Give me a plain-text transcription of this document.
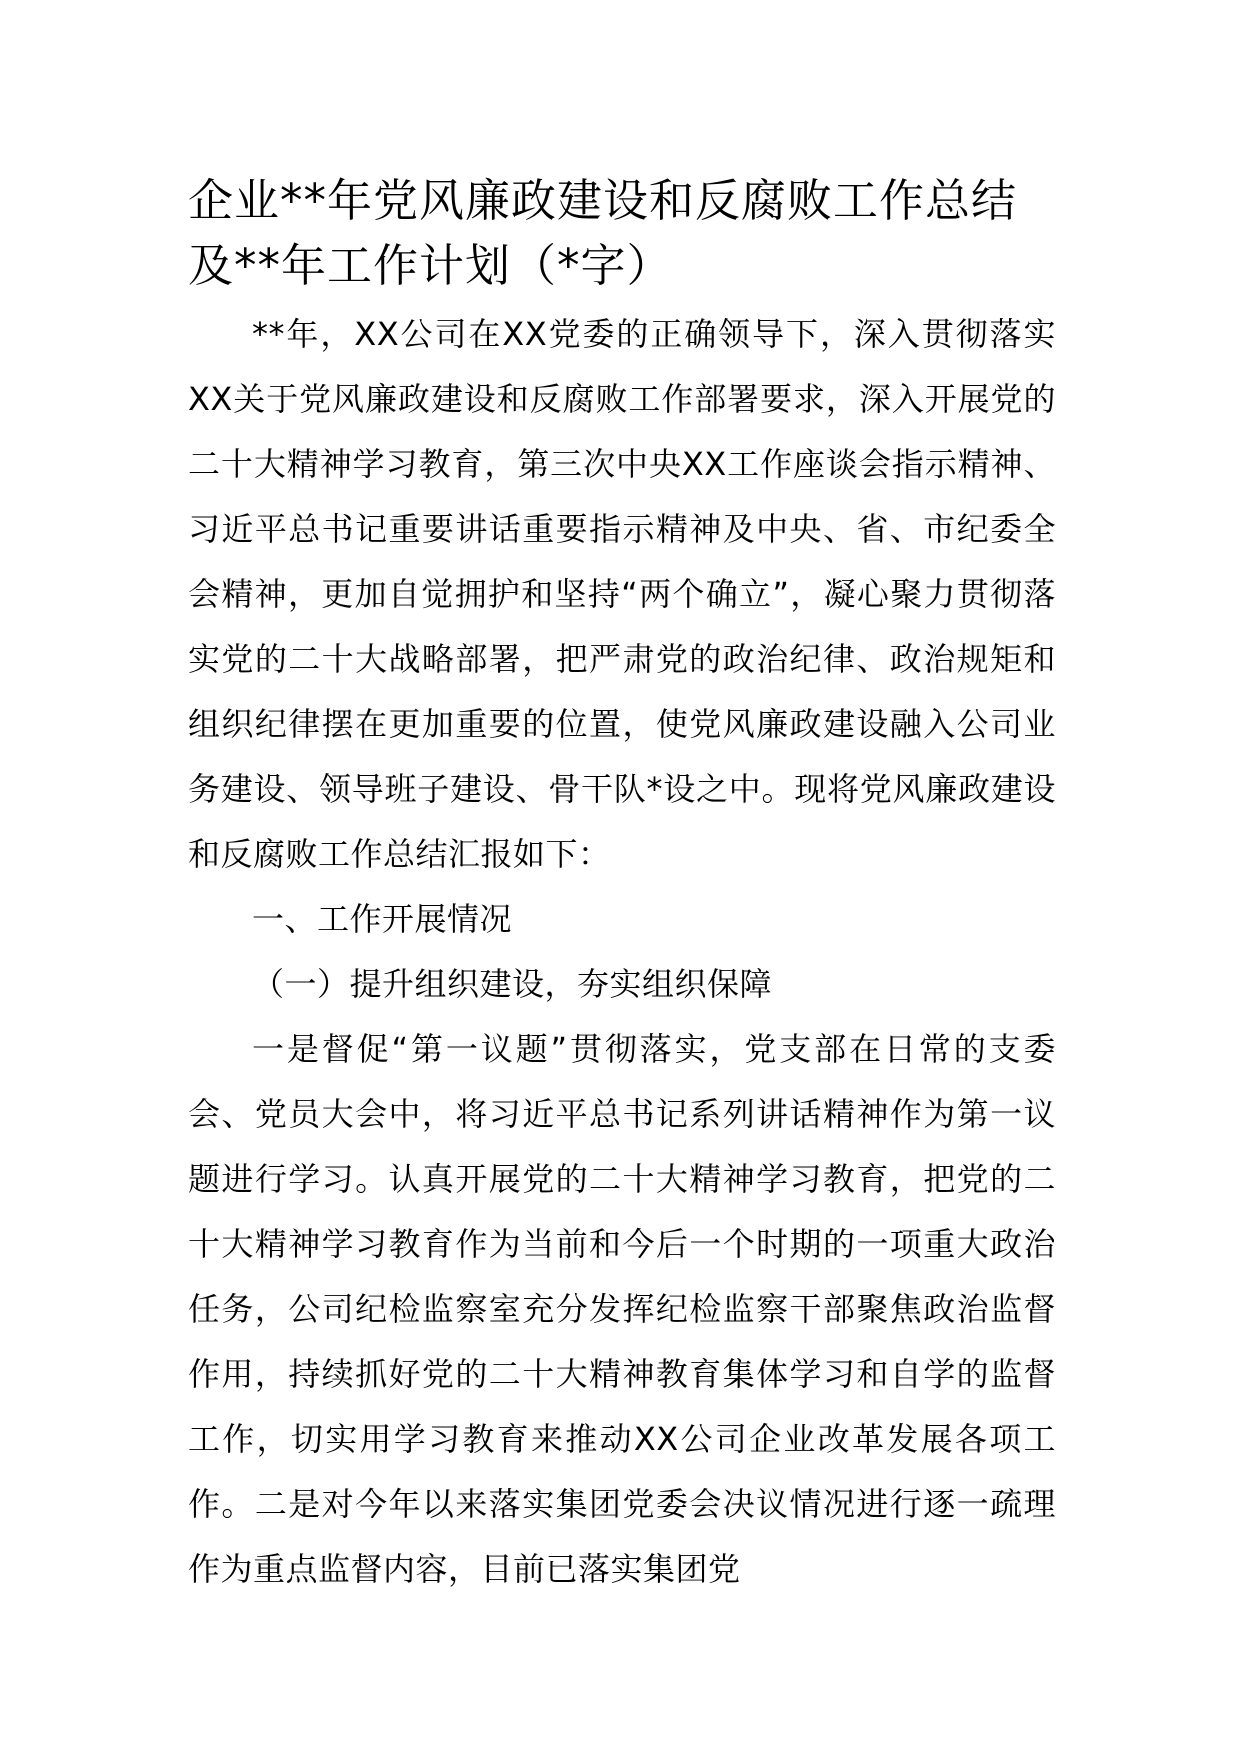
企业**年党风廉政建设和反腐败工作总结
及**年工作计划（*字）

**年，XX公司在XX党委的正确领导下，深入贯彻落实XX关于党风廉政建设和反腐败工作部署要求，深入开展党的二十大精神学习教育，第三次中央XX工作座谈会指示精神、习近平总书记重要讲话重要指示精神及中央、省、市纪委全会精神，更加自觉拥护和坚持“两个确立”，凝心聚力贯彻落实党的二十大战略部署，把严肃党的政治纪律、政治规矩和组织纪律摆在更加重要的位置，使党风廉政建设融入公司业务建设、领导班子建设、骨干队*设之中。现将党风廉政建设和反腐败工作总结汇报如下：

一、工作开展情况

（一）提升组织建设，夯实组织保障

一是督促“第一议题”贯彻落实，党支部在日常的支委会、党员大会中，将习近平总书记系列讲话精神作为第一议题进行学习。认真开展党的二十大精神学习教育，把党的二十大精神学习教育作为当前和今后一个时期的一项重大政治任务，公司纪检监察室充分发挥纪检监察干部聚焦政治监督作用，持续抓好党的二十大精神教育集体学习和自学的监督工作，切实用学习教育来推动XX公司企业改革发展各项工作。二是对今年以来落实集团党委会决议情况进行逐一疏理作为重点监督内容，目前已落实集团党
